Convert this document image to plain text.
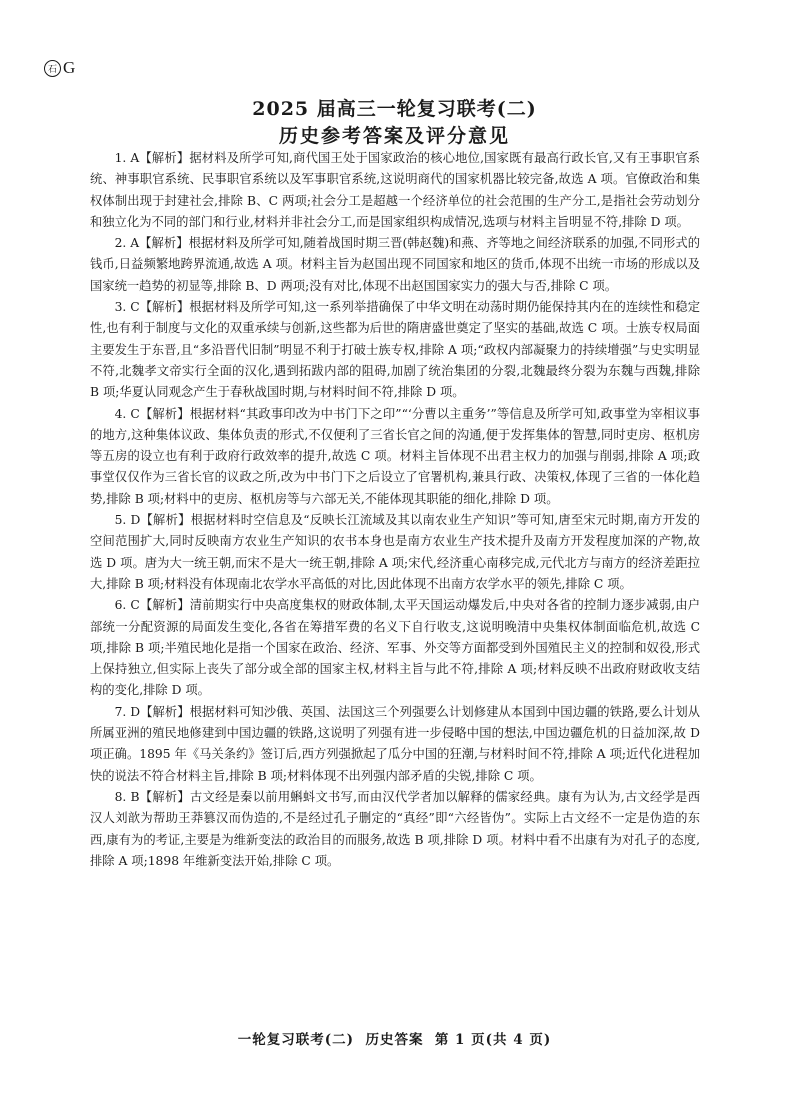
石 G
2025 届高三一轮复习联考(二)
历史参考答案及评分意见

1. A【解析】据材料及所学可知,商代国王处于国家政治的核心地位,国家既有最高行政长官,又有王事职官系统、神事职官系统、民事职官系统以及军事职官系统,这说明商代的国家机器比较完备,故选 A 项。官僚政治和集权体制出现于封建社会,排除 B、C 两项;社会分工是超越一个经济单位的社会范围的生产分工,是指社会劳动划分和独立化为不同的部门和行业,材料并非社会分工,而是国家组织构成情况,选项与材料主旨明显不符,排除 D 项。

2. A【解析】根据材料及所学可知,随着战国时期三晋(韩赵魏)和燕、齐等地之间经济联系的加强,不同形式的钱币,日益频繁地跨界流通,故选 A 项。材料主旨为赵国出现不同国家和地区的货币,体现不出统一市场的形成以及国家统一趋势的初显等,排除 B、D 两项;没有对比,体现不出赵国国家实力的强大与否,排除 C 项。

3. C【解析】根据材料及所学可知,这一系列举措确保了中华文明在动荡时期仍能保持其内在的连续性和稳定性,也有利于制度与文化的双重承续与创新,这些都为后世的隋唐盛世奠定了坚实的基础,故选 C 项。士族专权局面主要发生于东晋,且“多沿晋代旧制”明显不利于打破士族专权,排除 A 项;“政权内部凝聚力的持续增强”与史实明显不符,北魏孝文帝实行全面的汉化,遇到拓跋内部的阻碍,加剧了统治集团的分裂,北魏最终分裂为东魏与西魏,排除 B 项;华夏认同观念产生于春秋战国时期,与材料时间不符,排除 D 项。

4. C【解析】根据材料“其政事印改为中书门下之印”“‘分曹以主重务’”等信息及所学可知,政事堂为宰相议事的地方,这种集体议政、集体负责的形式,不仅便利了三省长官之间的沟通,便于发挥集体的智慧,同时吏房、枢机房等五房的设立也有利于政府行政效率的提升,故选 C 项。材料主旨体现不出君主权力的加强与削弱,排除 A 项;政事堂仅仅作为三省长官的议政之所,改为中书门下之后设立了官署机构,兼具行政、决策权,体现了三省的一体化趋势,排除 B 项;材料中的吏房、枢机房等与六部无关,不能体现其职能的细化,排除 D 项。

5. D【解析】根据材料时空信息及“反映长江流域及其以南农业生产知识”等可知,唐至宋元时期,南方开发的空间范围扩大,同时反映南方农业生产知识的农书本身也是南方农业生产技术提升及南方开发程度加深的产物,故选 D 项。唐为大一统王朝,而宋不是大一统王朝,排除 A 项;宋代,经济重心南移完成,元代北方与南方的经济差距拉大,排除 B 项;材料没有体现南北农学水平高低的对比,因此体现不出南方农学水平的领先,排除 C 项。

6. C【解析】清前期实行中央高度集权的财政体制,太平天国运动爆发后,中央对各省的控制力逐步减弱,由户部统一分配资源的局面发生变化,各省在筹措军费的名义下自行收支,这说明晚清中央集权体制面临危机,故选 C 项,排除 B 项;半殖民地化是指一个国家在政治、经济、军事、外交等方面都受到外国殖民主义的控制和奴役,形式上保持独立,但实际上丧失了部分或全部的国家主权,材料主旨与此不符,排除 A 项;材料反映不出政府财政收支结构的变化,排除 D 项。

7. D【解析】根据材料可知沙俄、英国、法国这三个列强要么计划修建从本国到中国边疆的铁路,要么计划从所属亚洲的殖民地修建到中国边疆的铁路,这说明了列强有进一步侵略中国的想法,中国边疆危机的日益加深,故 D 项正确。1895 年《马关条约》签订后,西方列强掀起了瓜分中国的狂潮,与材料时间不符,排除 A 项;近代化进程加快的说法不符合材料主旨,排除 B 项;材料体现不出列强内部矛盾的尖锐,排除 C 项。

8. B【解析】古文经是秦以前用蝌蚪文书写,而由汉代学者加以解释的儒家经典。康有为认为,古文经学是西汉人刘歆为帮助王莽篡汉而伪造的,不是经过孔子删定的“真经”即“六经皆伪”。实际上古文经不一定是伪造的东西,康有为的考证,主要是为维新变法的政治目的而服务,故选 B 项,排除 D 项。材料中看不出康有为对孔子的态度,排除 A 项;1898 年维新变法开始,排除 C 项。

一轮复习联考(二)  历史答案  第 1 页(共 4 页)
